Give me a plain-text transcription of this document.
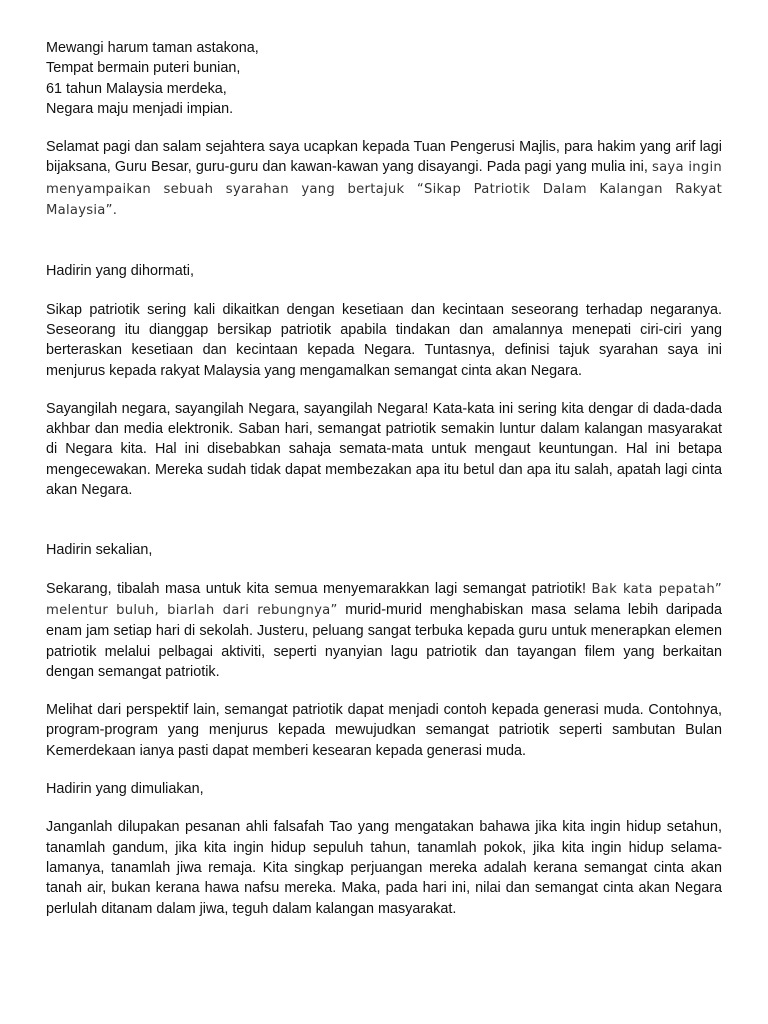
Mewangi harum taman astakona,
Tempat bermain puteri bunian,
61 tahun Malaysia merdeka,
Negara maju menjadi impian.

Selamat pagi dan salam sejahtera saya ucapkan kepada Tuan Pengerusi Majlis, para hakim yang arif lagi bijaksana, Guru Besar, guru-guru dan kawan-kawan yang disayangi. Pada pagi yang mulia ini, saya ingin menyampaikan sebuah syarahan yang bertajuk “Sikap Patriotik Dalam Kalangan Rakyat Malaysia”.

Hadirin yang dihormati,

Sikap patriotik sering kali dikaitkan dengan kesetiaan dan kecintaan seseorang terhadap negaranya. Seseorang itu dianggap bersikap patriotik apabila tindakan dan amalannya menepati ciri-ciri yang berteraskan kesetiaan dan kecintaan kepada Negara. Tuntasnya, definisi tajuk syarahan saya ini menjurus kepada rakyat Malaysia yang mengamalkan semangat cinta akan Negara.

Sayangilah negara, sayangilah Negara, sayangilah Negara! Kata-kata ini sering kita dengar di dada-dada akhbar dan media elektronik. Saban hari, semangat patriotik semakin luntur dalam kalangan masyarakat di Negara kita. Hal ini disebabkan sahaja semata-mata untuk mengaut keuntungan. Hal ini betapa mengecewakan. Mereka sudah tidak dapat membezakan apa itu betul dan apa itu salah, apatah lagi cinta akan Negara.

Hadirin sekalian,

Sekarang, tibalah masa untuk kita semua menyemarakkan lagi semangat patriotik! Bak kata pepatah” melentur buluh, biarlah dari rebungnya” murid-murid menghabiskan masa selama lebih daripada enam jam setiap hari di sekolah. Justeru, peluang sangat terbuka kepada guru untuk menerapkan elemen patriotik melalui pelbagai aktiviti, seperti nyanyian lagu patriotik dan tayangan filem yang berkaitan dengan semangat patriotik.

Melihat dari perspektif lain, semangat patriotik dapat menjadi contoh kepada generasi muda. Contohnya, program-program yang menjurus kepada mewujudkan semangat patriotik seperti sambutan Bulan Kemerdekaan ianya pasti dapat memberi kesearan kepada generasi muda.

Hadirin yang dimuliakan,

Janganlah dilupakan pesanan ahli falsafah Tao yang mengatakan bahawa jika kita ingin hidup setahun, tanamlah gandum, jika kita ingin hidup sepuluh tahun, tanamlah pokok, jika kita ingin hidup selama-lamanya, tanamlah jiwa remaja. Kita singkap perjuangan mereka adalah kerana semangat cinta akan tanah air, bukan kerana hawa nafsu mereka. Maka, pada hari ini, nilai dan semangat cinta akan Negara perlulah ditanam dalam jiwa, teguh dalam kalangan masyarakat.
